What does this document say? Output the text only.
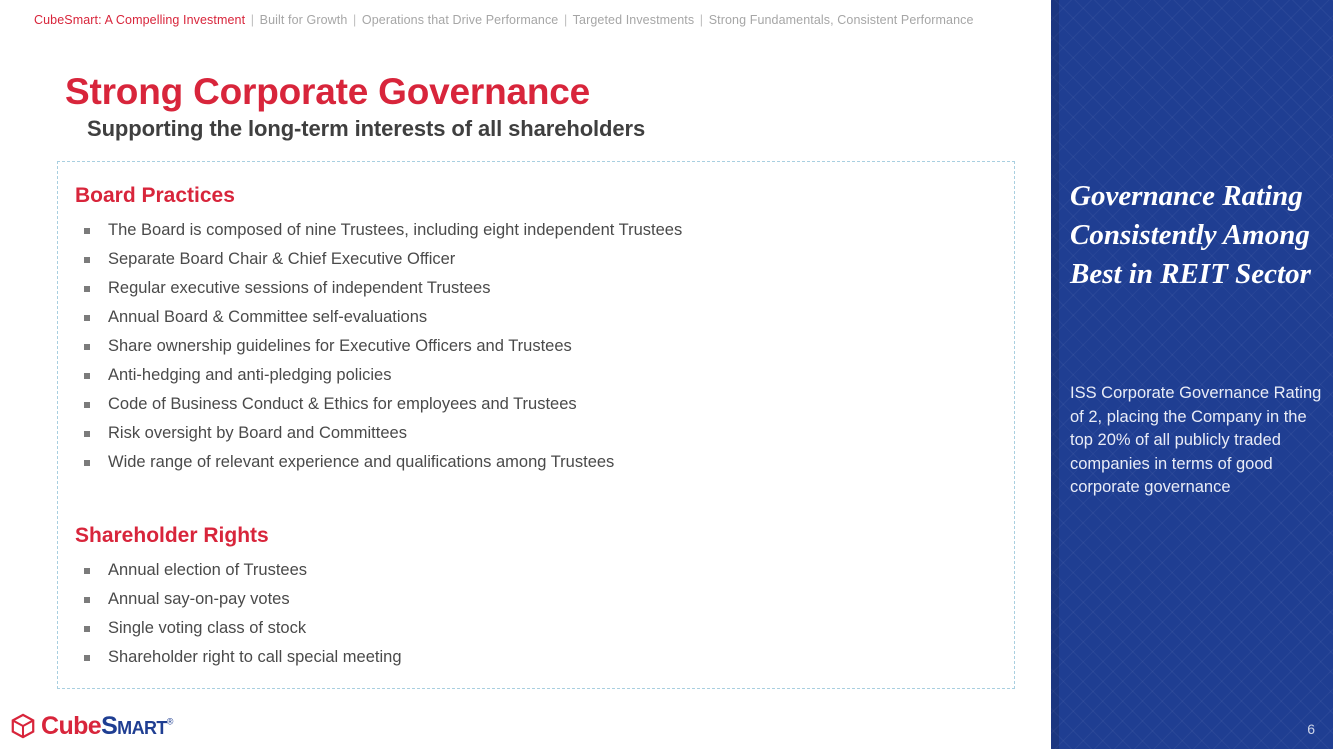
CubeSmart: A Compelling Investment | Built for Growth | Operations that Drive Performance | Targeted Investments | Strong Fundamentals, Consistent Performance
Strong Corporate Governance
Supporting the long-term interests of all shareholders
Board Practices
The Board is composed of nine Trustees, including eight independent Trustees
Separate Board Chair & Chief Executive Officer
Regular executive sessions of independent Trustees
Annual Board & Committee self-evaluations
Share ownership guidelines for Executive Officers and Trustees
Anti-hedging and anti-pledging policies
Code of Business Conduct & Ethics for employees and Trustees
Risk oversight by Board and Committees
Wide range of relevant experience and qualifications among Trustees
Shareholder Rights
Annual election of Trustees
Annual say-on-pay votes
Single voting class of stock
Shareholder right to call special meeting
Governance Rating Consistently Among Best in REIT Sector
ISS Corporate Governance Rating of 2, placing the Company in the top 20% of all publicly traded companies in terms of good corporate governance
6
CubeSmart®
